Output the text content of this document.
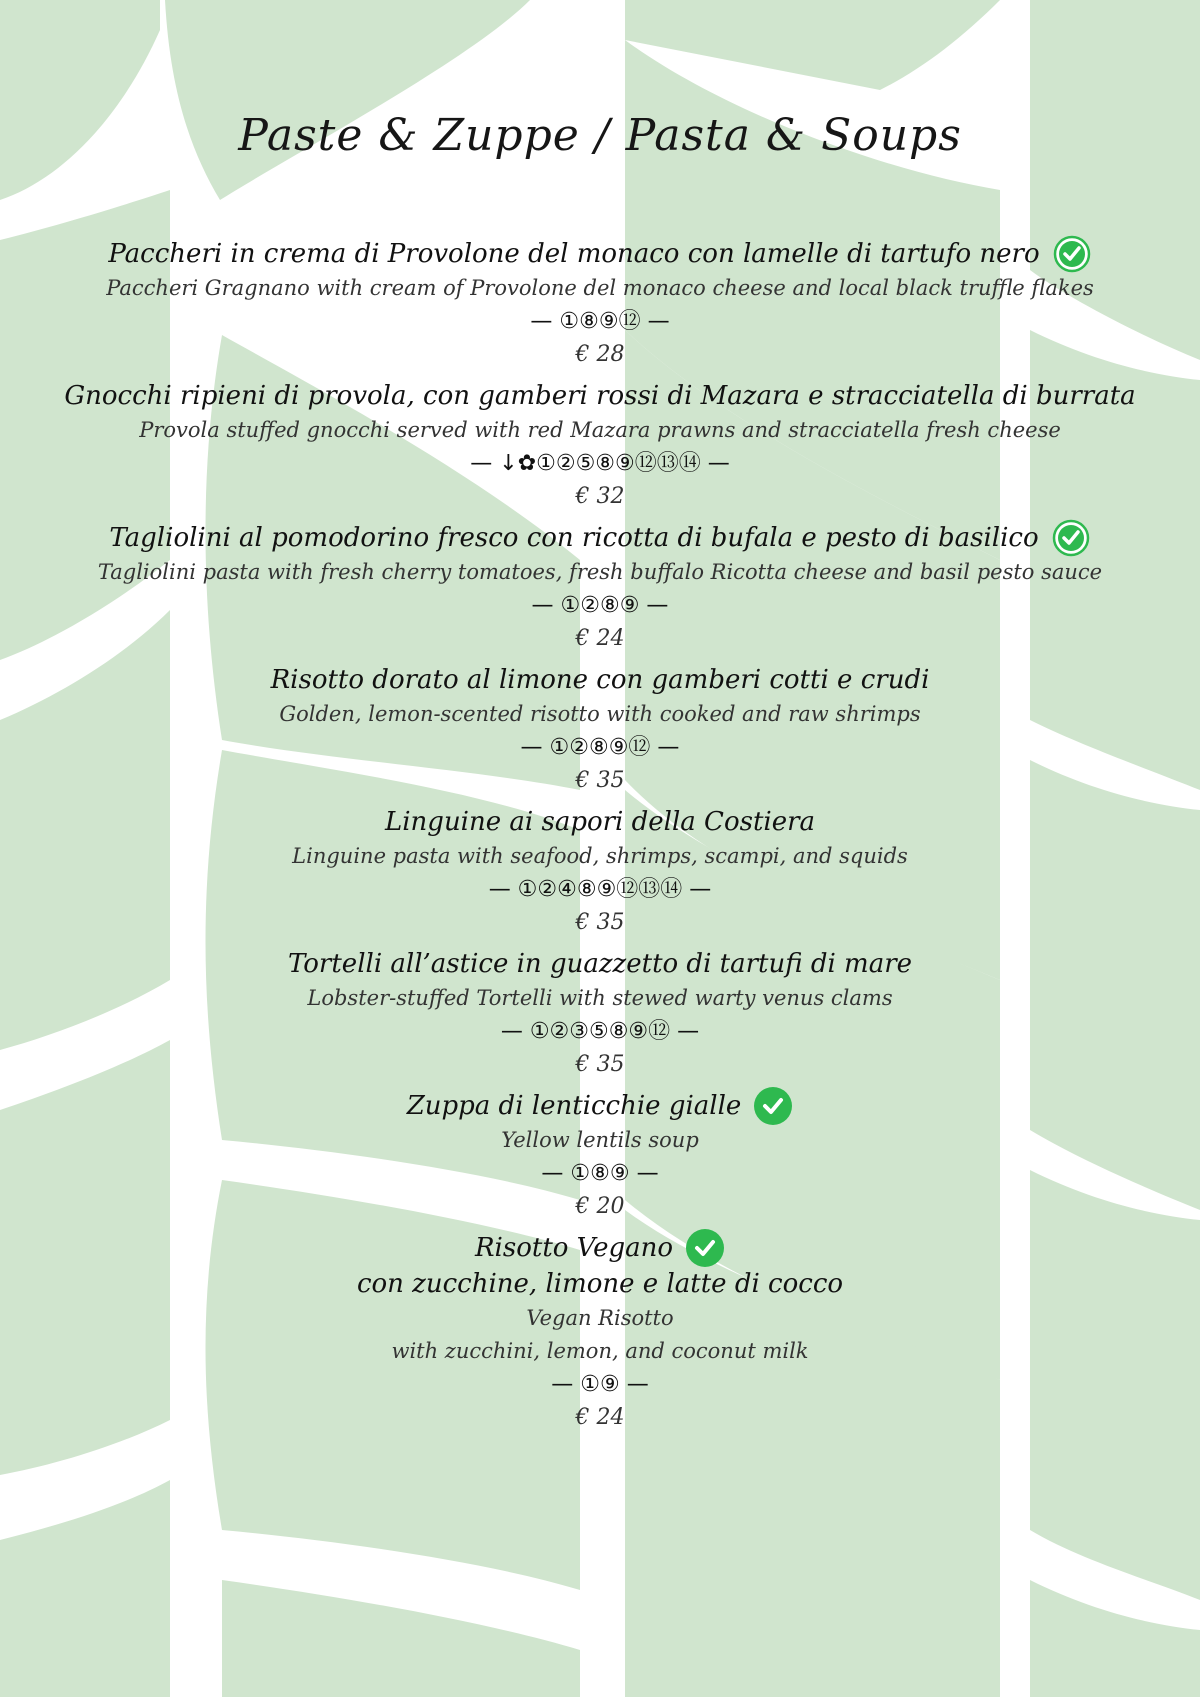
Paste & Zuppe / Pasta & Soups
Paccheri in crema di Provolone del monaco con lamelle di tartufo nero
Paccheri Gragnano with cream of Provolone del monaco cheese and local black truffle flakes
— ①⑧⑨⑫ —
€ 28
Gnocchi ripieni di provola, con gamberi rossi di Mazara e stracciatella di burrata
Provola stuffed gnocchi served with red Mazara prawns and stracciatella fresh cheese
— ↓✿①②⑤⑧⑨⑫⑬⑭ —
€ 32
Tagliolini al pomodorino fresco con ricotta di bufala e pesto di basilico
Tagliolini pasta with fresh cherry tomatoes, fresh buffalo Ricotta cheese and basil pesto sauce
— ①②⑧⑨ —
€ 24
Risotto dorato al limone con gamberi cotti e crudi
Golden, lemon-scented risotto with cooked and raw shrimps
— ①②⑧⑨⑫ —
€ 35
Linguine ai sapori della Costiera
Linguine pasta with seafood, shrimps, scampi, and squids
— ①②④⑧⑨⑫⑬⑭ —
€ 35
Tortelli all’astice in guazzetto di tartufi di mare
Lobster-stuffed Tortelli with stewed warty venus clams
— ①②③⑤⑧⑨⑫ —
€ 35
Zuppa di lenticchie gialle
Yellow lentils soup
— ①⑧⑨ —
€ 20
Risotto Vegano
con zucchine, limone e latte di cocco
Vegan Risotto
with zucchini, lemon, and coconut milk
— ①⑨ —
€ 24
